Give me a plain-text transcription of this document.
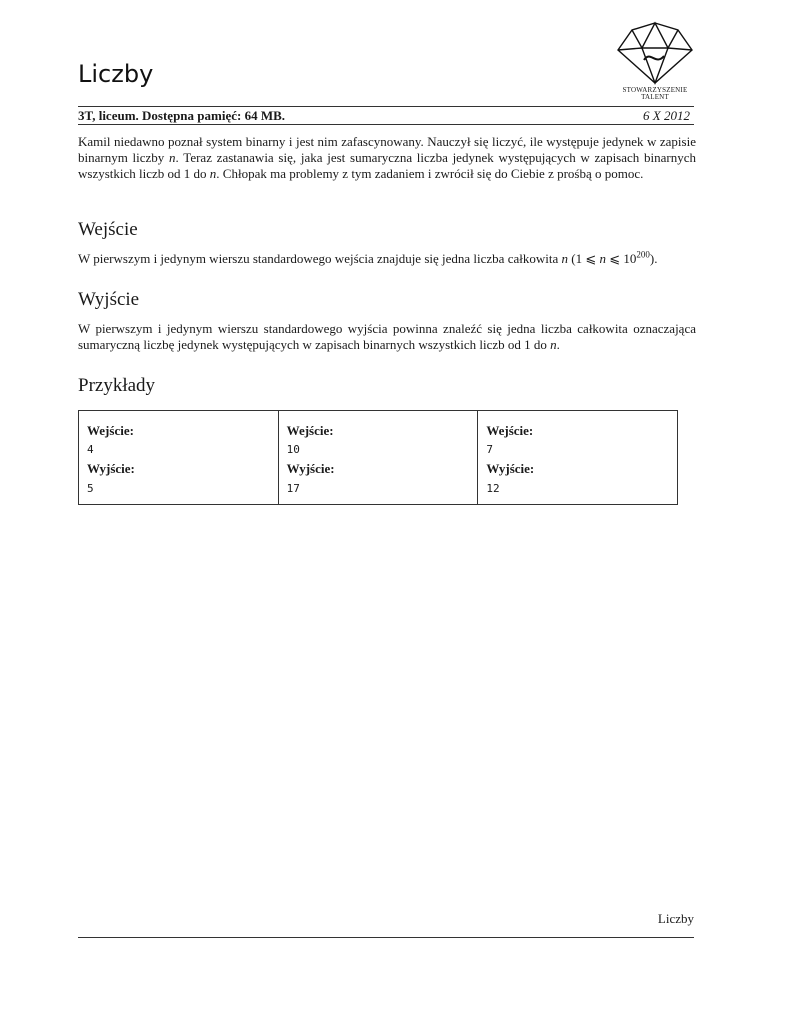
Liczby
STOWARZYSZENIE
TALENT
3T, liceum. Dostępna pamięć: 64 MB.	6 X 2012

Kamil niedawno poznał system binarny i jest nim zafascynowany. Nauczył się liczyć, ile występuje jedynek w zapisie binarnym liczby n. Teraz zastanawia się, jaka jest sumaryczna liczba jedynek występujących w zapisach binarnych wszystkich liczb od 1 do n. Chłopak ma problemy z tym zadaniem i zwrócił się do Ciebie z prośbą o pomoc.

Wejście

W pierwszym i jedynym wierszu standardowego wejścia znajduje się jedna liczba całkowita n (1 ⩽ n ⩽ $10^{200}$).

Wyjście

W pierwszym i jedynym wierszu standardowego wyjścia powinna znaleźć się jedna liczba całkowita oznaczająca sumaryczną liczbę jedynek występujących w zapisach binarnych wszystkich liczb od 1 do n.

Przykłady
Wejście:
4
Wyjście:
5
Wejście:
10
Wyjście:
17
Wejście:
7
Wyjście:
12
Liczby
